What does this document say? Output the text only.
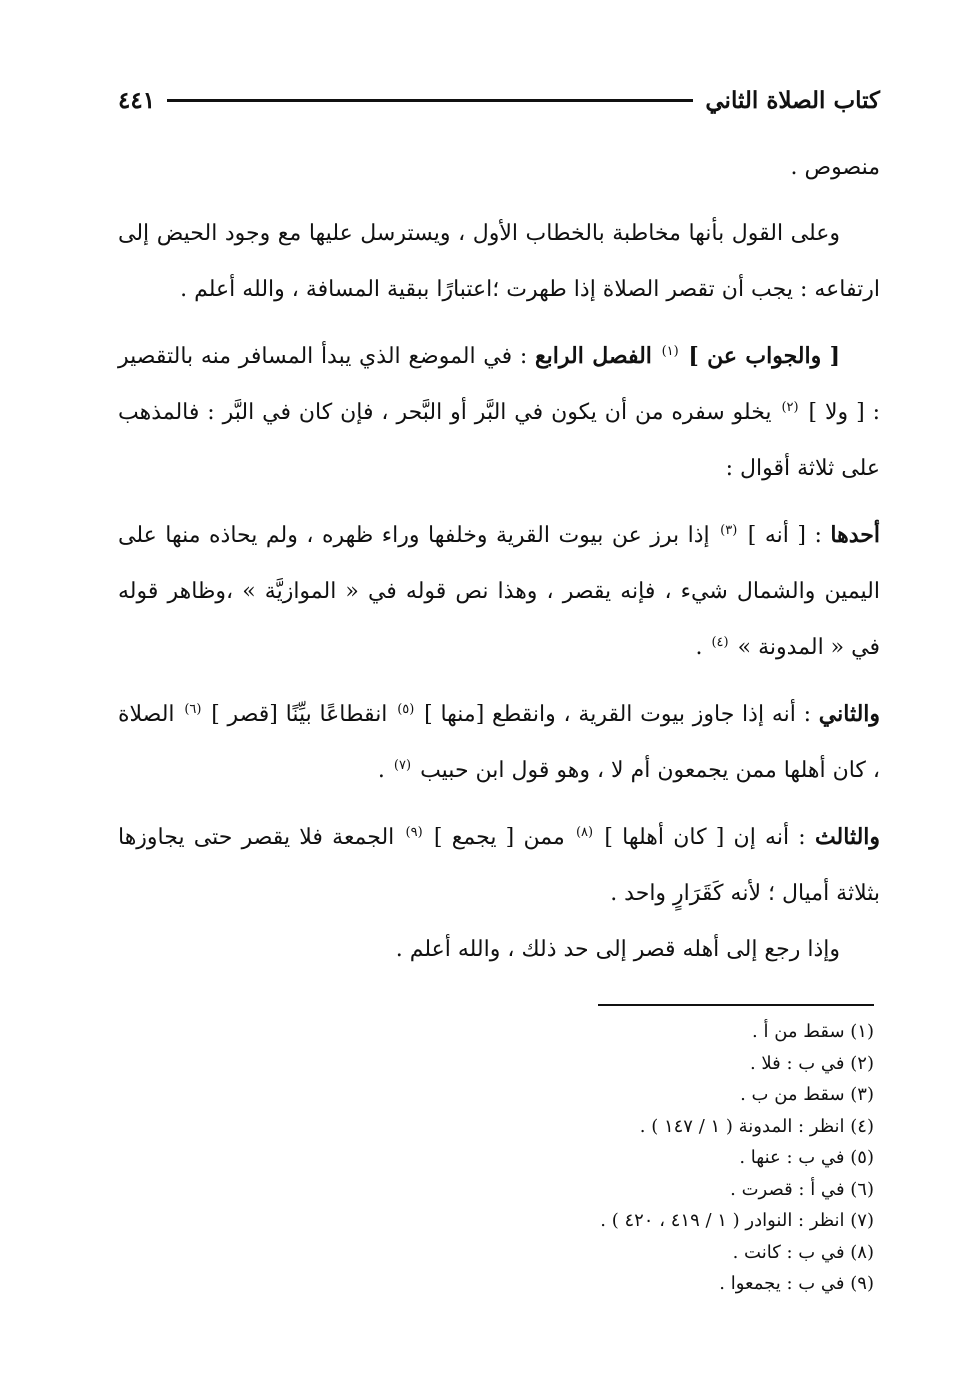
٤٤١	كتاب الصلاة الثاني

منصوص .

وعلى القول بأنها مخاطبة بالخطاب الأول ، ويسترسل عليها مع وجود الحيض إلى ارتفاعه : يجب أن تقصر الصلاة إذا طهرت ؛اعتبارًا ببقية المسافة ، والله أعلم .

[ والجواب عن ] $^{(١)}$ الفصل الرابع : في الموضع الذي يبدأ المسافر منه بالتقصير : [ ولا ] $^{(٢)}$ يخلو سفره من أن يكون في البَّر أو البَّحر ، فإن كان في البَّر : فالمذهب على ثلاثة أقوال :

أحدها : [ أنه ] $^{(٣)}$ إذا برز عن بيوت القرية وخلفها وراء ظهره ، ولم يحاذه منها على اليمين والشمال شيء ، فإنه يقصر ، وهذا نص قوله في « الموازيَّة » ،وظاهر قوله في « المدونة » $^{(٤)}$ .

والثاني : أنه إذا جاوز بيوت القرية ، وانقطع [منها ] $^{(٥)}$ انقطاعًا بيِّنًا [قصر ] $^{(٦)}$ الصلاة ، كان أهلها ممن يجمعون أم لا ، وهو قول ابن حبيب $^{(٧)}$ .

والثالث : أنه إن [ كان أهلها ] $^{(٨)}$ ممن [ يجمع ] $^{(٩)}$ الجمعة فلا يقصر حتى يجاوزها بثلاثة أميال ؛ لأنه كَقَرَارٍ واحد .

وإذا رجع إلى أهله قصر إلى حد ذلك ، والله أعلم .

(١) سقط من أ .
(٢) في ب : فلا .
(٣) سقط من ب .
(٤) انظر : المدونة ( ١ / ١٤٧ ) .
(٥) في ب : عنها .
(٦) في أ : قصرت .
(٧) انظر : النوادر ( ١ / ٤١٩ ، ٤٢٠ ) .
(٨) في ب : كانت .
(٩) في ب : يجمعوا .
